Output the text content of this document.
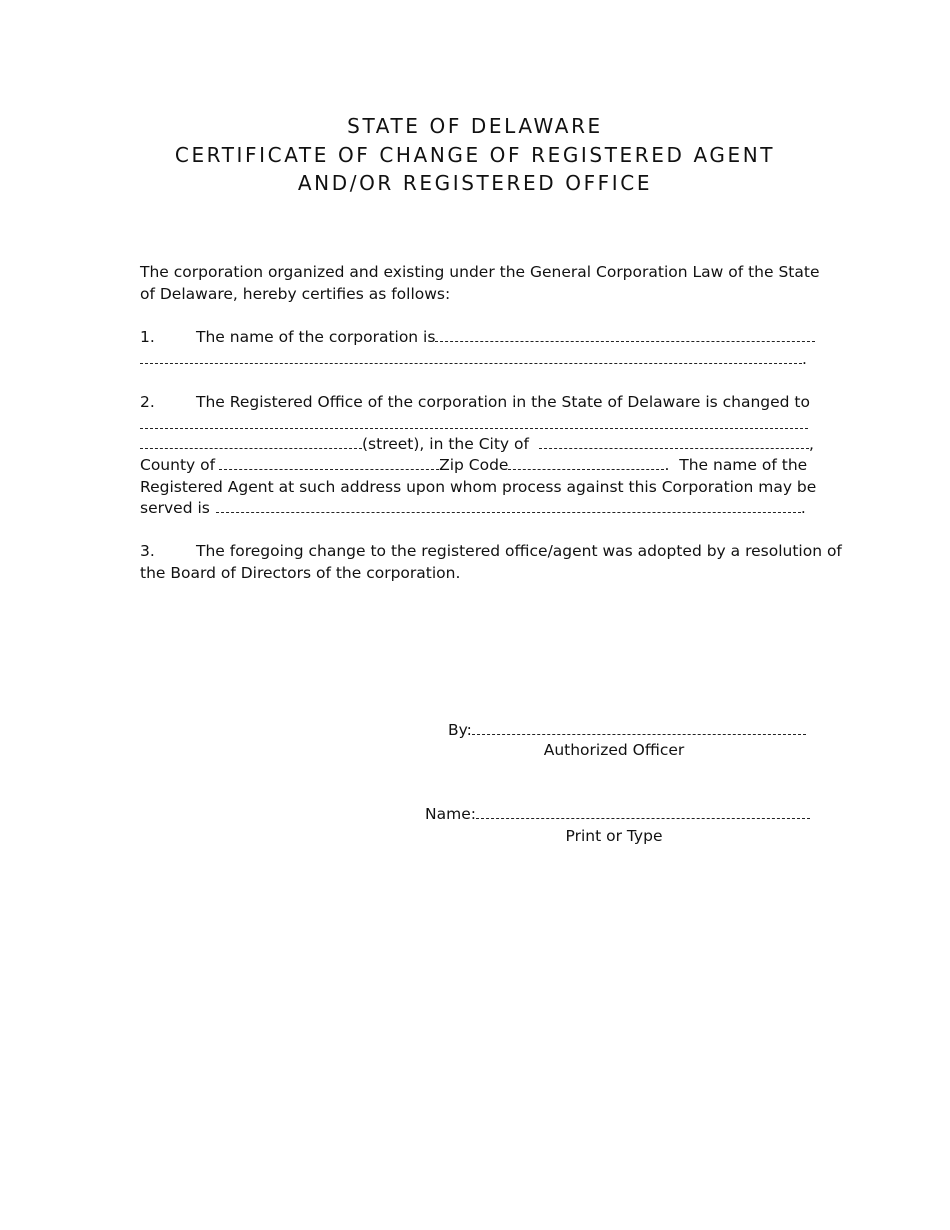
STATE OF DELAWARE
CERTIFICATE OF CHANGE OF REGISTERED AGENT
AND/OR REGISTERED OFFICE
The corporation organized and existing under the General Corporation Law of the State
of Delaware, hereby certifies as follows:
1.	The name of the corporation is
.
2.	The Registered Office of the corporation in the State of Delaware is changed to
(street), in the City of	,
County of	Zip Code	.  The name of the
Registered Agent at such address upon whom process against this Corporation may be
served is	.
3.	The foregoing change to the registered office/agent was adopted by a resolution of
the Board of Directors of the corporation.
By:
Authorized Officer
Name:
Print or Type
